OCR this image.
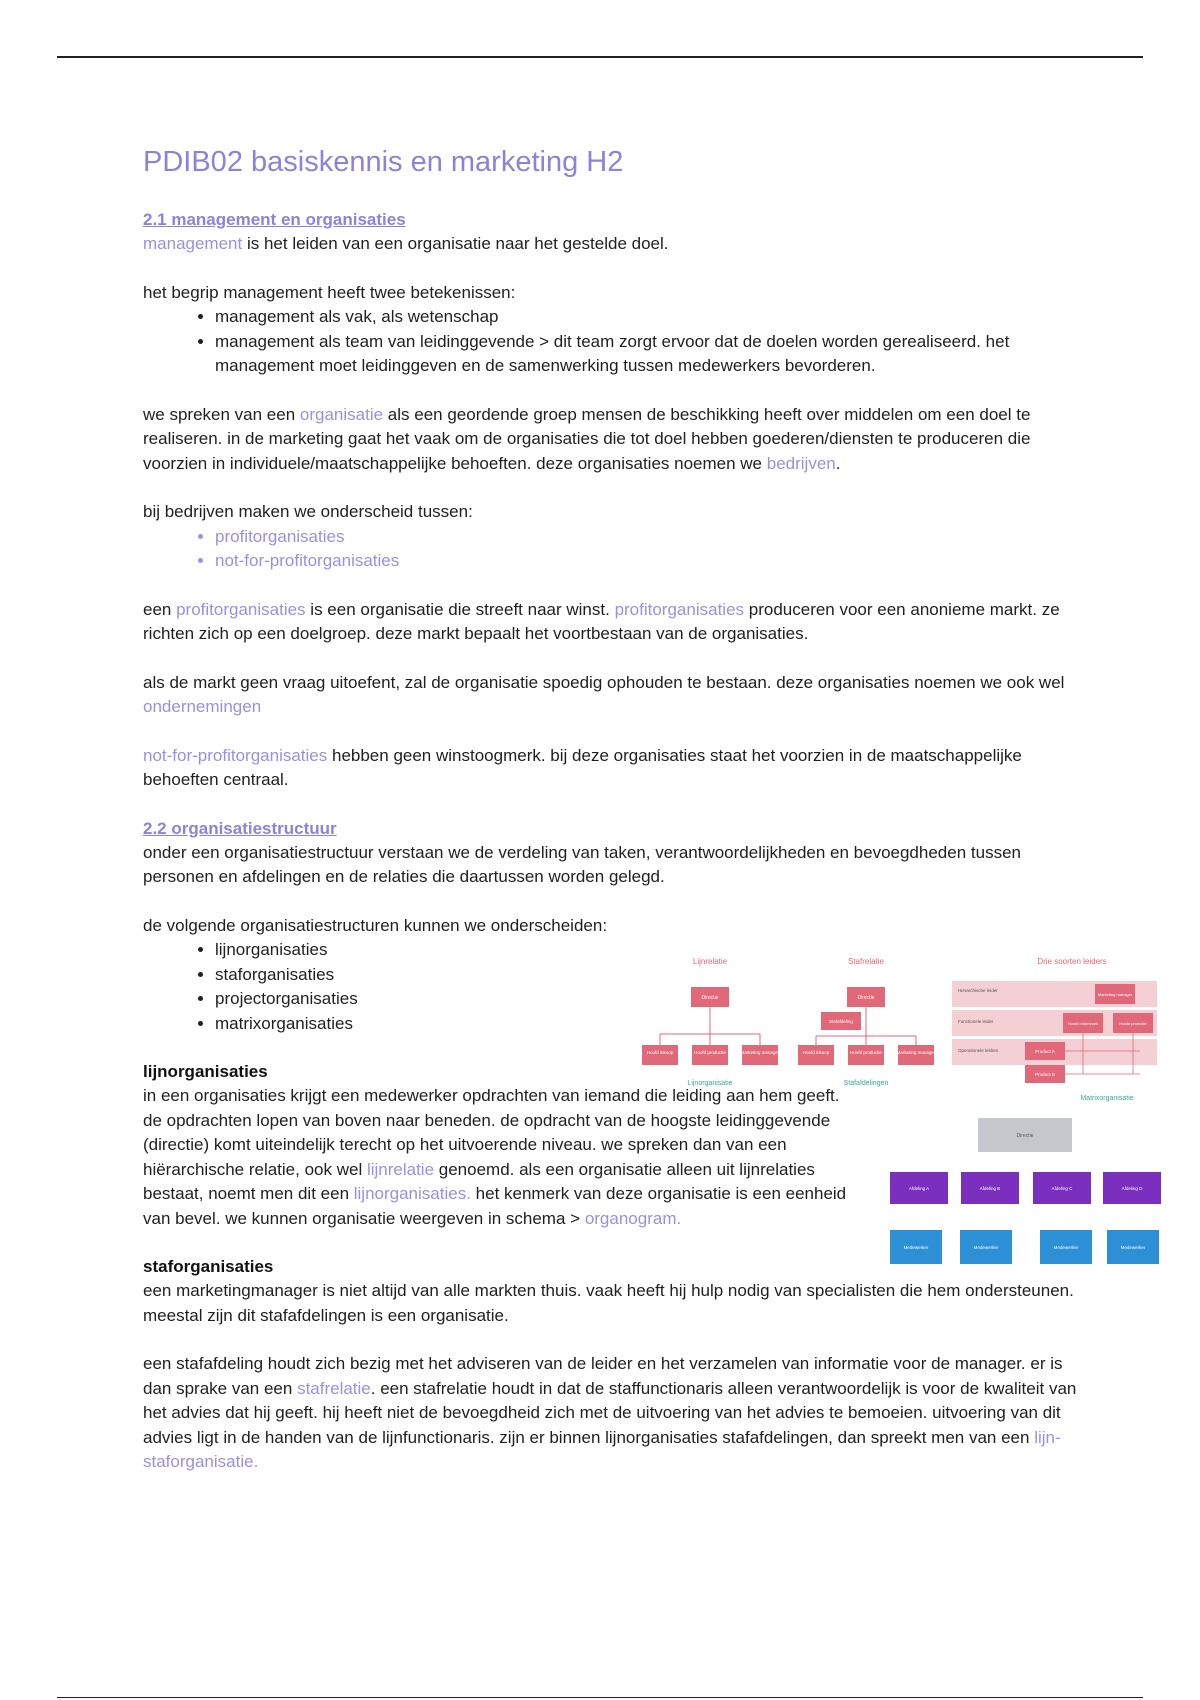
PDIB02 basiskennis en marketing H2
2.1 management en organisaties

management is het leiden van een organisatie naar het gestelde doel.

het begrip management heeft twee betekenissen:

• management als vak, als wetenschap
• management als team van leidinggevende > dit team zorgt ervoor dat de doelen worden gerealiseerd. het management moet leidinggeven en de samenwerking tussen medewerkers bevorderen.

we spreken van een organisatie als een geordende groep mensen de beschikking heeft over middelen om een doel te realiseren. in de marketing gaat het vaak om de organisaties die tot doel hebben goederen/diensten te produceren die voorzien in individuele/maatschappelijke behoeften. deze organisaties noemen we bedrijven.

bij bedrijven maken we onderscheid tussen:

• profitorganisaties
• not-for-profitorganisaties

een profitorganisaties is een organisatie die streeft naar winst. profitorganisaties produceren voor een anonieme markt. ze richten zich op een doelgroep. deze markt bepaalt het voortbestaan van de organisaties.

als de markt geen vraag uitoefent, zal de organisatie spoedig ophouden te bestaan. deze organisaties noemen we ook wel ondernemingen

not-for-profitorganisaties hebben geen winstoogmerk. bij deze organisaties staat het voorzien in de maatschappelijke behoeften centraal.

2.2 organisatiestructuur

onder een organisatiestructuur verstaan we de verdeling van taken, verantwoordelijkheden en bevoegdheden tussen personen en afdelingen en de relaties die daartussen worden gelegd.

de volgende organisatiestructuren kunnen we onderscheiden:

• lijnorganisaties
• staforganisaties
• projectorganisaties
• matrixorganisaties
lijnorganisaties

in een organisaties krijgt een medewerker opdrachten van iemand die leiding aan hem geeft. de opdrachten lopen van boven naar beneden. de opdracht van de hoogste leidinggevende (directie) komt uiteindelijk terecht op het uitvoerende niveau. we spreken dan van een hiërarchische relatie, ook wel lijnrelatie genoemd. als een organisatie alleen uit lijnrelaties bestaat, noemt men dit een lijnorganisaties. het kenmerk van deze organisatie is een eenheid van bevel. we kunnen organisatie weergeven in schema > organogram.

staforganisaties

een marketingmanager is niet altijd van alle markten thuis. vaak heeft hij hulp nodig van specialisten die hem ondersteunen. meestal zijn dit stafafdelingen is een organisatie.

een stafafdeling houdt zich bezig met het adviseren van de leider en het verzamelen van informatie voor de manager. er is dan sprake van een stafrelatie. een stafrelatie houdt in dat de staffunctionaris alleen verantwoordelijk is voor de kwaliteit van het advies dat hij geeft. hij heeft niet de bevoegdheid zich met de uitvoering van het advies te bemoeien. uitvoering van dit advies ligt in de handen van de lijnfunctionaris. zijn er binnen lijnorganisaties stafafdelingen, dan spreekt men van een lijn-staforganisatie.

Lijnrelatie	Stafrelatie	Drie soorten leiders
Directie
Hoofd inkoop	Hoofd productie	Marketing manager
Lijnorganisatie
Directie
Stafafdeling
Hoofd inkoop	Hoofd productie	Marketing manager
Stafafdelingen
Hiërarchische leider
Marketing manager
Functionele leider	Hoofd onderzoek	Hoofd promotie
Operationele leiders	Product A
Product B
Matrixorganisatie
Directie
Afdeling A	Afdeling B	Afdeling C	Afdeling D
Medewerker	Medewerker	Medewerker	Medewerker
